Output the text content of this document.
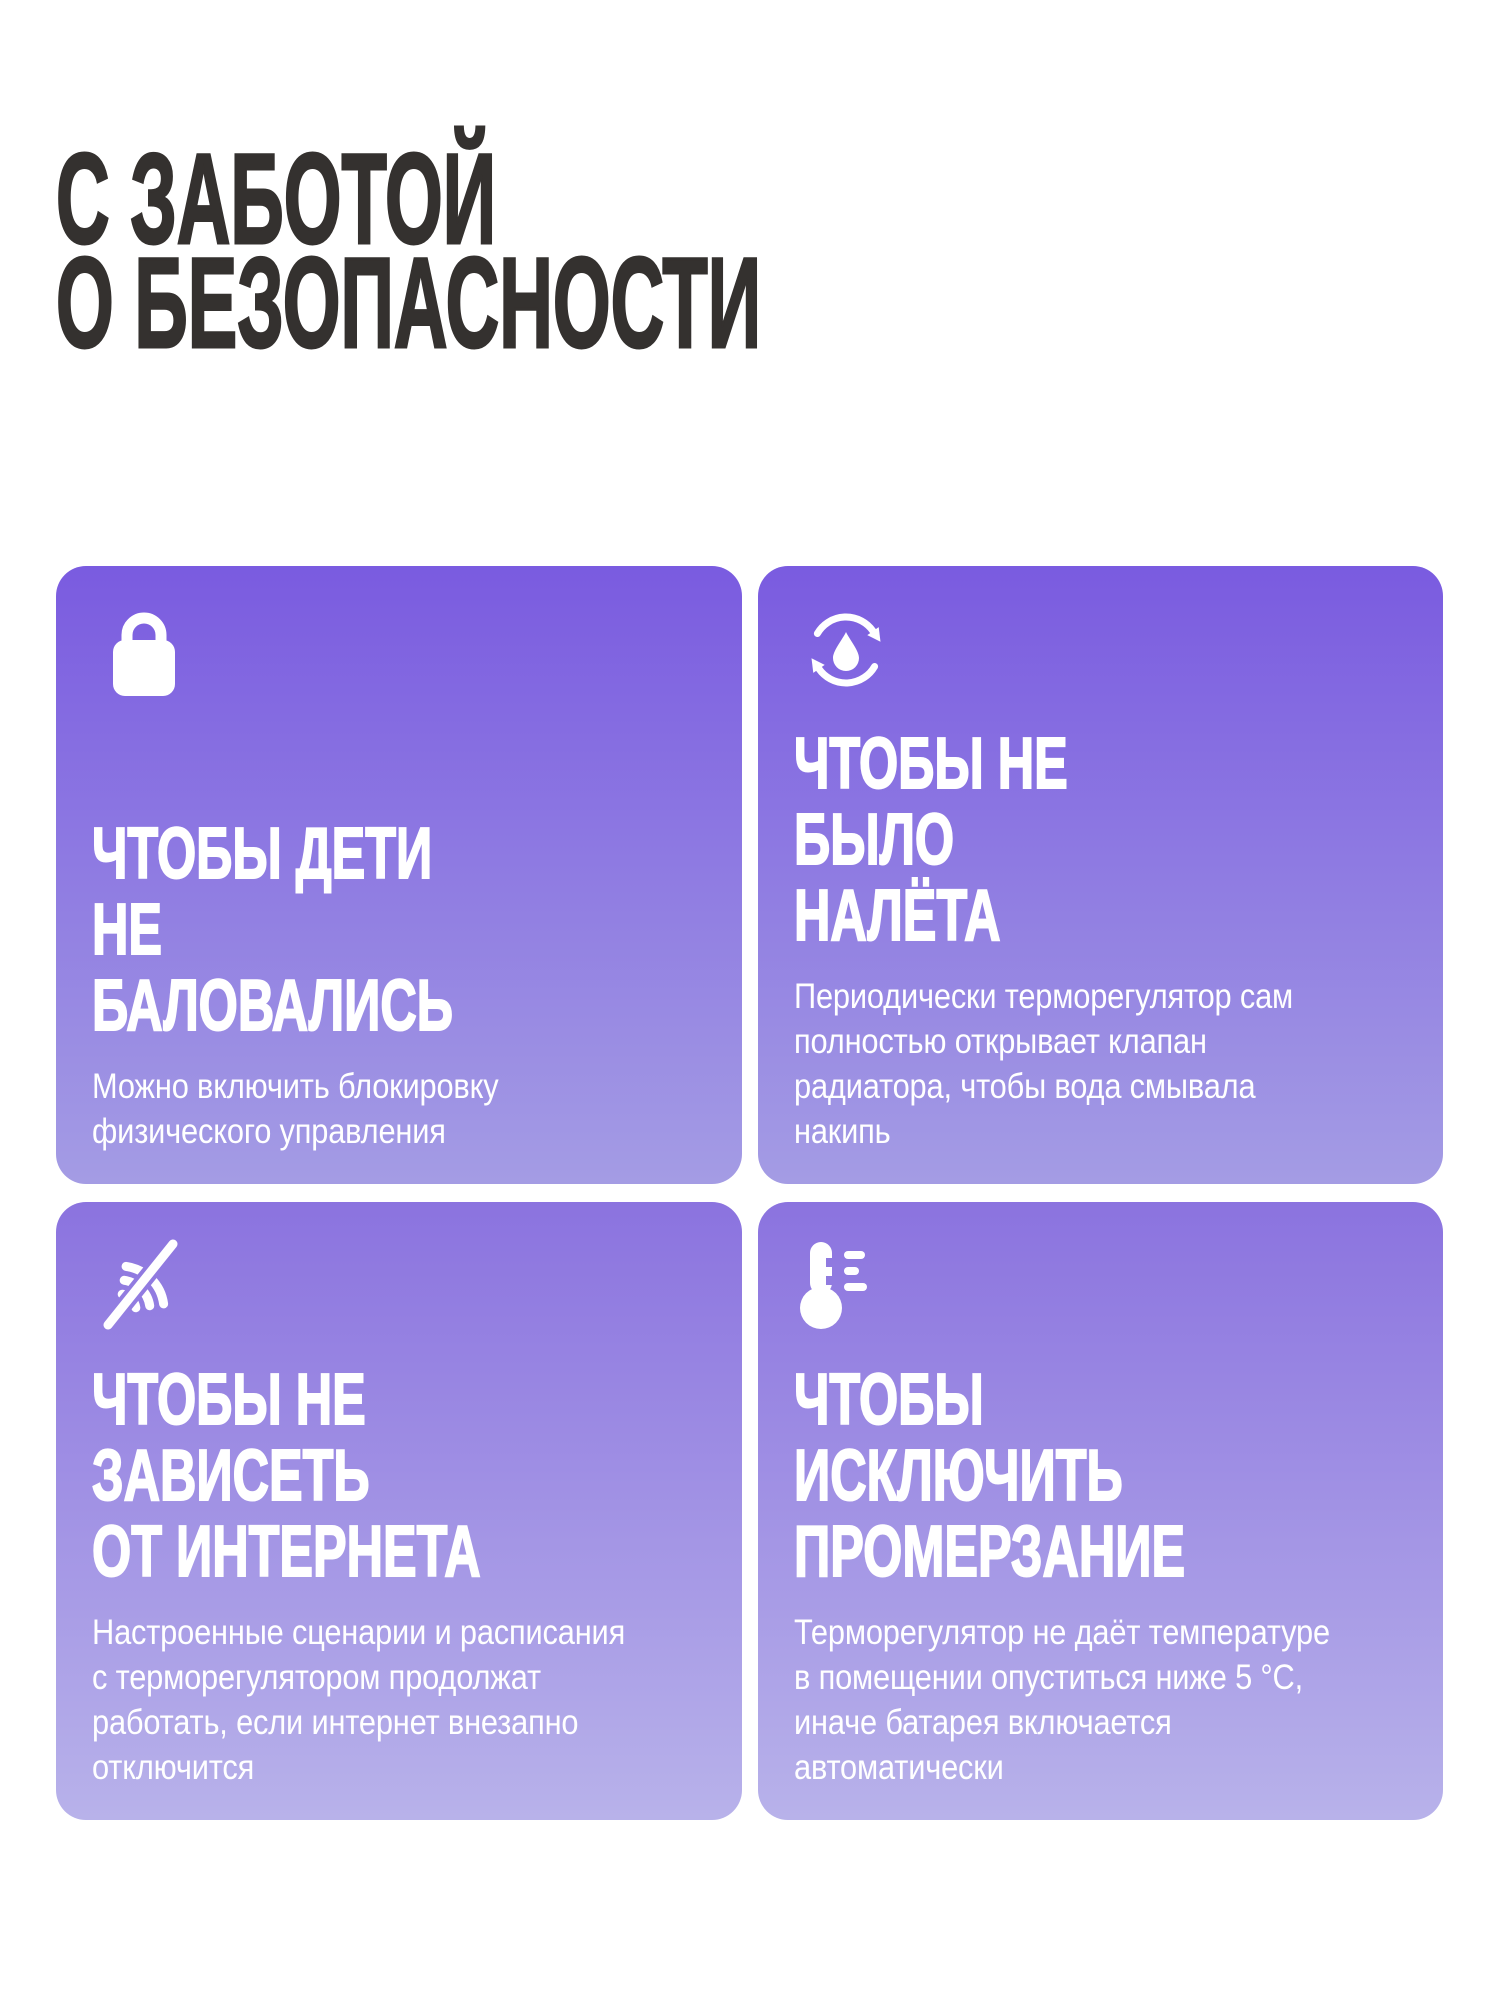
С ЗАБОТОЙ
О БЕЗОПАСНОСТИ
ЧТОБЫ ДЕТИ
НЕ БАЛОВАЛИСЬ
Можно включить блокировку
физического управления
ЧТОБЫ НЕ БЫЛО
НАЛЁТА
Периодически терморегулятор сам
полностью открывает клапан
радиатора, чтобы вода смывала накипь
ЧТОБЫ НЕ ЗАВИСЕТЬ
ОТ ИНТЕРНЕТА
Настроенные сценарии и расписания
с терморегулятором продолжат
работать, если интернет внезапно
отключится
ЧТОБЫ ИСКЛЮЧИТЬ
ПРОМЕРЗАНИЕ
Терморегулятор не даёт температуре
в помещении опуститься ниже 5 °С,
иначе батарея включается
автоматически
